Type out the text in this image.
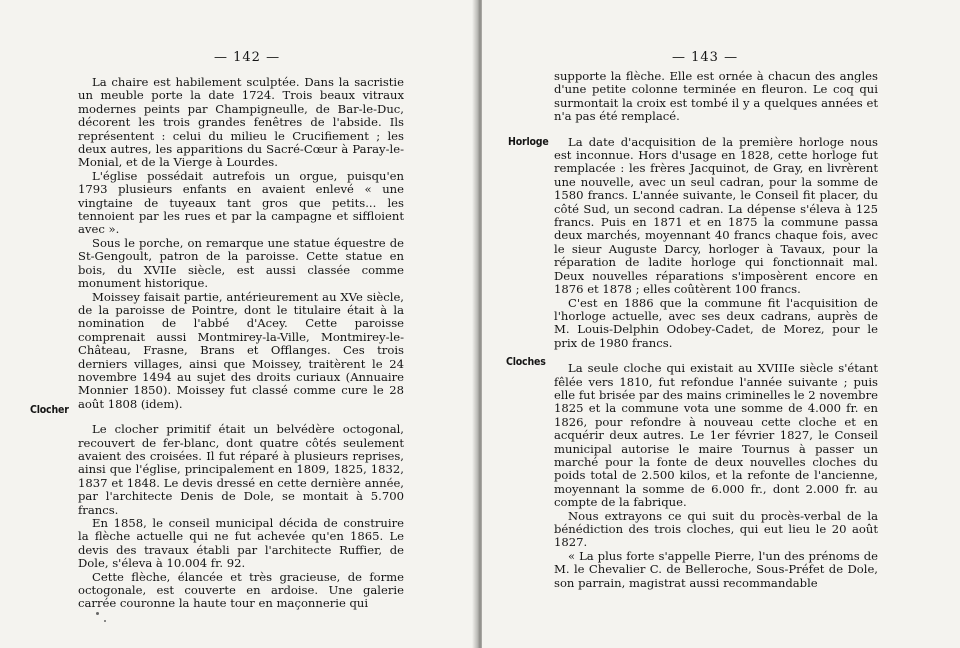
— 142 —
Clocher

La chaire est habilement sculptée. Dans la sacristie un meuble porte la date 1724. Trois beaux vitraux modernes peints par Champigneulle, de Bar-le-Duc, décorent les trois grandes fenêtres de l'abside. Ils représentent : celui du milieu le Crucifiement ; les deux autres, les apparitions du Sacré-Cœur à Paray-le-Monial, et de la Vierge à Lourdes.

L'église possédait autrefois un orgue, puisqu'en 1793 plusieurs enfants en avaient enlevé « une vingtaine de tuyeaux tant gros que petits... les tennoient par les rues et par la campagne et siffloient avec ».

Sous le porche, on remarque une statue équestre de St-Gengoult, patron de la paroisse. Cette statue en bois, du XVIIe siècle, est aussi classée comme monument historique.

Moissey faisait partie, antérieurement au XVe siècle, de la paroisse de Pointre, dont le titulaire était à la nomination de l'abbé d'Acey. Cette paroisse comprenait aussi Montmirey-la-Ville, Montmirey-le-Château, Frasne, Brans et Offlanges. Ces trois derniers villages, ainsi que Moissey, traitèrent le 24 novembre 1494 au sujet des droits curiaux (Annuaire Monnier 1850). Moissey fut classé comme cure le 28 août 1808 (idem).

Le clocher primitif était un belvédère octogonal, recouvert de fer-blanc, dont quatre côtés seulement avaient des croisées. Il fut réparé à plusieurs reprises, ainsi que l'église, principalement en 1809, 1825, 1832, 1837 et 1848. Le devis dressé en cette dernière année, par l'architecte Denis de Dole, se montait à 5.700 francs.

En 1858, le conseil municipal décida de construire la flèche actuelle qui ne fut achevée qu'en 1865. Le devis des travaux établi par l'architecte Ruffier, de Dole, s'éleva à 10.004 fr. 92.

Cette flèche, élancée et très gracieuse, de forme octogonale, est couverte en ardoise. Une galerie carrée couronne la haute tour en maçonnerie qui

— 143 —
Horloge
Cloches

supporte la flèche. Elle est ornée à chacun des angles d'une petite colonne terminée en fleuron. Le coq qui surmontait la croix est tombé il y a quelques années et n'a pas été remplacé.

La date d'acquisition de la première horloge nous est inconnue. Hors d'usage en 1828, cette horloge fut remplacée : les frères Jacquinot, de Gray, en livrèrent une nouvelle, avec un seul cadran, pour la somme de 1580 francs. L'année suivante, le Conseil fit placer, du côté Sud, un second cadran. La dépense s'éleva à 125 francs. Puis en 1871 et en 1875 la commune passa deux marchés, moyennant 40 francs chaque fois, avec le sieur Auguste Darcy, horloger à Tavaux, pour la réparation de ladite horloge qui fonctionnait mal. Deux nouvelles réparations s'imposèrent encore en 1876 et 1878 ; elles coûtèrent 100 francs.

C'est en 1886 que la commune fit l'acquisition de l'horloge actuelle, avec ses deux cadrans, auprès de M. Louis-Delphin Odobey-Cadet, de Morez, pour le prix de 1980 francs.

La seule cloche qui existait au XVIIIe siècle s'étant fêlée vers 1810, fut refondue l'année suivante ; puis elle fut brisée par des mains criminelles le 2 novembre 1825 et la commune vota une somme de 4.000 fr. en 1826, pour refondre à nouveau cette cloche et en acquérir deux autres. Le 1er février 1827, le Conseil municipal autorise le maire Tournus à passer un marché pour la fonte de deux nouvelles cloches du poids total de 2.500 kilos, et la refonte de l'ancienne, moyennant la somme de 6.000 fr., dont 2.000 fr. au compte de la fabrique.

Nous extrayons ce qui suit du procès-verbal de la bénédiction des trois cloches, qui eut lieu le 20 août 1827.

« La plus forte s'appelle Pierre, l'un des prénoms de M. le Chevalier C. de Belleroche, Sous-Préfet de Dole, son parrain, magistrat aussi recommandable
